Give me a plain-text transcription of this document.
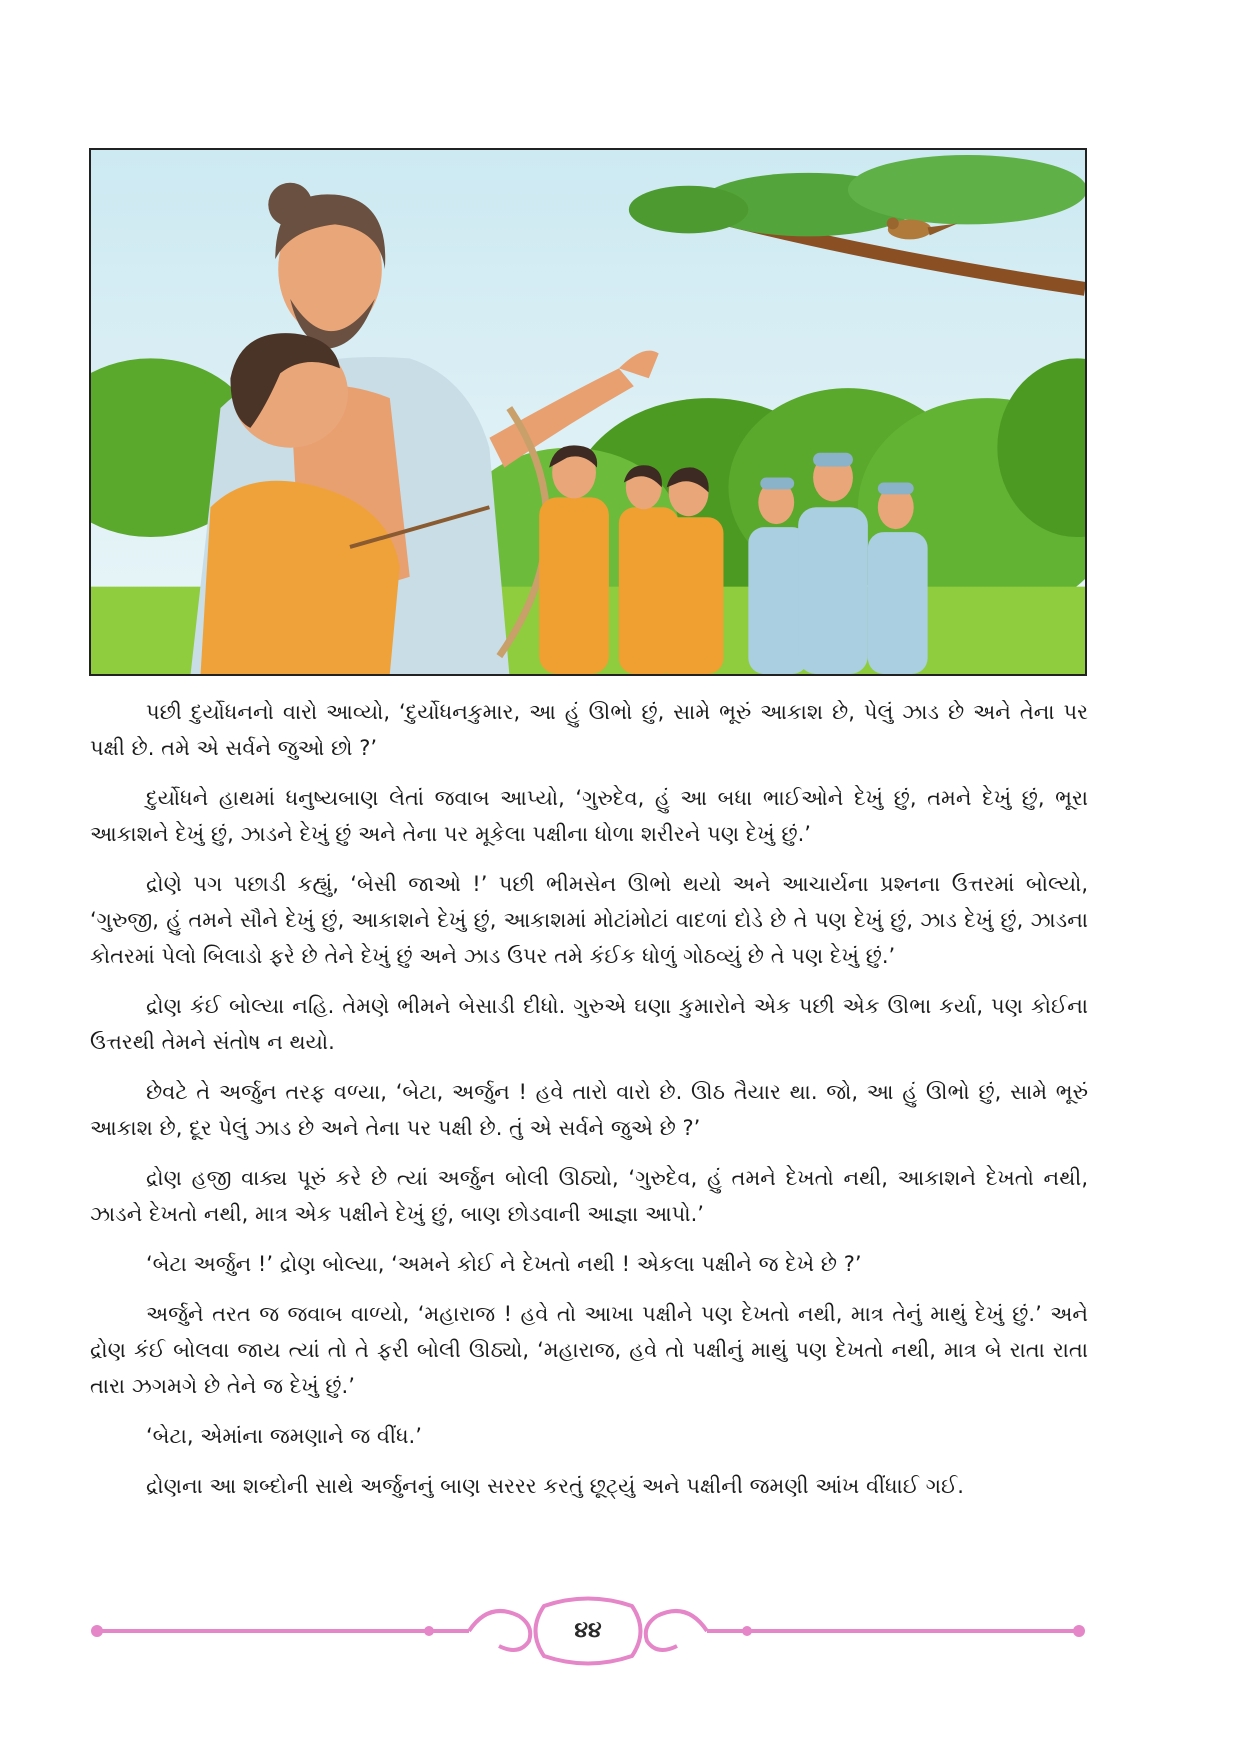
પછી દુર્યોધનનો વારો આવ્યો, ‘દુર્યોધનકુમાર, આ હું ઊભો છું, સામે ભૂરું આકાશ છે, પેલું ઝાડ છે અને તેના પર પક્ષી છે. તમે એ સર્વને જુઓ છો ?’

દુર્યોધને હાથમાં ધનુષ્યબાણ લેતાં જવાબ આપ્યો, ‘ગુરુદેવ, હું આ બધા ભાઈઓને દેખું છું, તમને દેખું છું, ભૂરા આકાશને દેખું છું, ઝાડને દેખું છું અને તેના પર મૂકેલા પક્ષીના ધોળા શરીરને પણ દેખું છું.’

દ્રોણે પગ પછાડી કહ્યું, ‘બેસી જાઓ !’ પછી ભીમસેન ઊભો થયો અને આચાર્યના પ્રશ્નના ઉત્તરમાં બોલ્યો, ‘ગુરુજી, હું તમને સૌને દેખું છું, આકાશને દેખું છું, આકાશમાં મોટાંમોટાં વાદળાં દોડે છે તે પણ દેખું છું, ઝાડ દેખું છું, ઝાડના કોતરમાં પેલો બિલાડો ફરે છે તેને દેખું છું અને ઝાડ ઉપર તમે કંઈક ધોળું ગોઠવ્યું છે તે પણ દેખું છું.’

દ્રોણ કંઈ બોલ્યા નહિ. તેમણે ભીમને બેસાડી દીધો. ગુરુએ ઘણા કુમારોને એક પછી એક ઊભા કર્યા, પણ કોઈના ઉત્તરથી તેમને સંતોષ ન થયો.

છેવટે તે અર્જુન તરફ વળ્યા, ‘બેટા, અર્જુન ! હવે તારો વારો છે. ઊઠ તૈયાર થા. જો, આ હું ઊભો છું, સામે ભૂરું આકાશ છે, દૂર પેલું ઝાડ છે અને તેના પર પક્ષી છે. તું એ સર્વને જુએ છે ?’

દ્રોણ હજી વાક્ય પૂરું કરે છે ત્યાં અર્જુન બોલી ઊઠ્યો, ‘ગુરુદેવ, હું તમને દેખતો નથી, આકાશને દેખતો નથી, ઝાડને દેખતો નથી, માત્ર એક પક્ષીને દેખું છું, બાણ છોડવાની આજ્ઞા આપો.’

‘બેટા અર્જુન !’ દ્રોણ બોલ્યા, ‘અમને કોઈ ને દેખતો નથી ! એકલા પક્ષીને જ દેખે છે ?’

અર્જુને તરત જ જવાબ વાળ્યો, ‘મહારાજ ! હવે તો આખા પક્ષીને પણ દેખતો નથી, માત્ર તેનું માથું દેખું છું.’ અને દ્રોણ કંઈ બોલવા જાય ત્યાં તો તે ફરી બોલી ઊઠ્યો, ‘મહારાજ, હવે તો પક્ષીનું માથું પણ દેખતો નથી, માત્ર બે રાતા રાતા તારા ઝગમગે છે તેને જ દેખું છું.’

‘બેટા, એમાંના જમણાને જ વીંધ.’

દ્રોણના આ શબ્દોની સાથે અર્જુનનું બાણ સરરર કરતું છૂટ્યું અને પક્ષીની જમણી આંખ વીંધાઈ ગઈ.

૪૪
